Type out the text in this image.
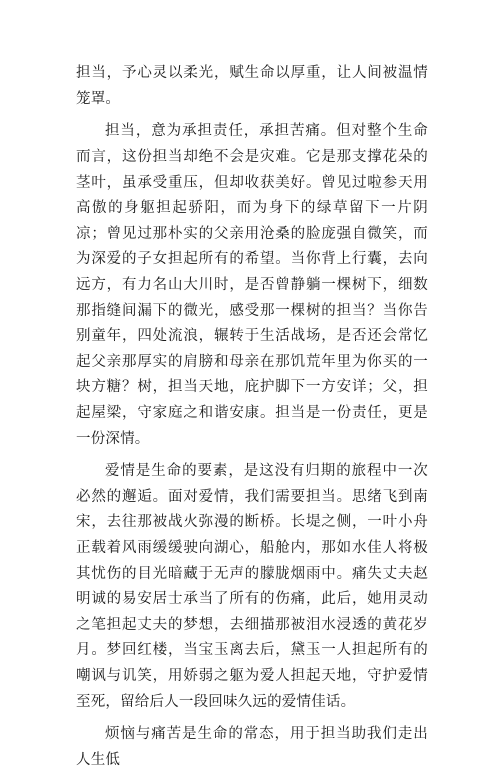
担当，予心灵以柔光，赋生命以厚重，让人间被温情笼罩。

担当，意为承担责任，承担苦痛。但对整个生命而言，这份担当却绝不会是灾难。它是那支撑花朵的茎叶，虽承受重压，但却收获美好。曾见过啦参天用高傲的身躯担起骄阳，而为身下的绿草留下一片阴凉；曾见过那朴实的父亲用沧桑的脸庞强自微笑，而为深爱的子女担起所有的希望。当你背上行囊，去向远方，有力名山大川时，是否曾静躺一棵树下，细数那指缝间漏下的微光，感受那一棵树的担当？当你告别童年，四处流浪，辗转于生活战场，是否还会常忆起父亲那厚实的肩膀和母亲在那饥荒年里为你买的一块方糖？树，担当天地，庇护脚下一方安详；父，担起屋梁，守家庭之和谐安康。担当是一份责任，更是一份深情。

爱情是生命的要素，是这没有归期的旅程中一次必然的邂逅。面对爱情，我们需要担当。思绪飞到南宋，去往那被战火弥漫的断桥。长堤之侧，一叶小舟正载着风雨缓缓驶向湖心，船舱内，那如水佳人将极其忧伤的目光暗藏于无声的朦胧烟雨中。痛失丈夫赵明诚的易安居士承当了所有的伤痛，此后，她用灵动之笔担起丈夫的梦想，去细描那被泪水浸透的黄花岁月。梦回红楼，当宝玉离去后，黛玉一人担起所有的嘲讽与讥笑，用娇弱之躯为爱人担起天地，守护爱情至死，留给后人一段回味久远的爱情佳话。

烦恼与痛苦是生命的常态，用于担当助我们走出人生低
